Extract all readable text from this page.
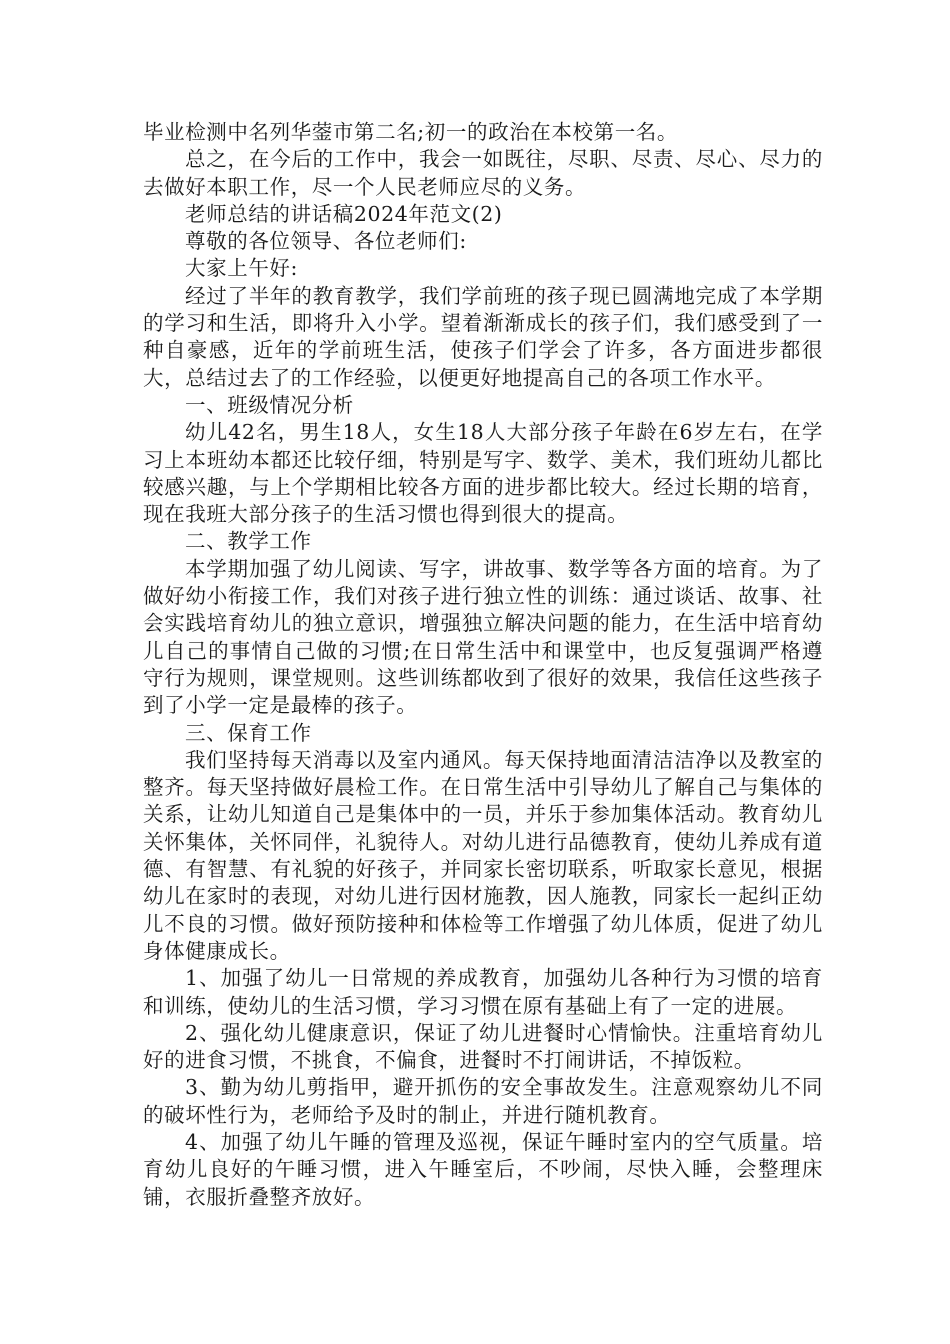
毕业检测中名列华蓥市第二名;初一的政治在本校第一名。

总之，在今后的工作中，我会一如既往，尽职、尽责、尽心、尽力的去做好本职工作，尽一个人民老师应尽的义务。

老师总结的讲话稿2024年范文(2)

尊敬的各位领导、各位老师们:

大家上午好:

经过了半年的教育教学，我们学前班的孩子现已圆满地完成了本学期的学习和生活，即将升入小学。望着渐渐成长的孩子们，我们感受到了一种自豪感，近年的学前班生活，使孩子们学会了许多，各方面进步都很大，总结过去了的工作经验，以便更好地提高自己的各项工作水平。

一、班级情况分析

幼儿42名，男生18人，女生18人大部分孩子年龄在6岁左右，在学习上本班幼本都还比较仔细，特别是写字、数学、美术，我们班幼儿都比较感兴趣，与上个学期相比较各方面的进步都比较大。经过长期的培育，现在我班大部分孩子的生活习惯也得到很大的提高。

二、教学工作

本学期加强了幼儿阅读、写字，讲故事、数学等各方面的培育。为了做好幼小衔接工作，我们对孩子进行独立性的训练：通过谈话、故事、社会实践培育幼儿的独立意识，增强独立解决问题的能力，在生活中培育幼儿自己的事情自己做的习惯;在日常生活中和课堂中，也反复强调严格遵守行为规则，课堂规则。这些训练都收到了很好的效果，我信任这些孩子到了小学一定是最棒的孩子。

三、保育工作

我们坚持每天消毒以及室内通风。每天保持地面清洁洁净以及教室的整齐。每天坚持做好晨检工作。在日常生活中引导幼儿了解自己与集体的关系，让幼儿知道自己是集体中的一员，并乐于参加集体活动。教育幼儿关怀集体，关怀同伴，礼貌待人。对幼儿进行品德教育，使幼儿养成有道德、有智慧、有礼貌的好孩子，并同家长密切联系，听取家长意见，根据幼儿在家时的表现，对幼儿进行因材施教，因人施教，同家长一起纠正幼儿不良的习惯。做好预防接种和体检等工作增强了幼儿体质，促进了幼儿身体健康成长。

1、加强了幼儿一日常规的养成教育，加强幼儿各种行为习惯的培育和训练，使幼儿的生活习惯，学习习惯在原有基础上有了一定的进展。

2、强化幼儿健康意识，保证了幼儿进餐时心情愉快。注重培育幼儿好的进食习惯，不挑食，不偏食，进餐时不打闹讲话，不掉饭粒。

3、勤为幼儿剪指甲，避开抓伤的安全事故发生。注意观察幼儿不同的破坏性行为，老师给予及时的制止，并进行随机教育。

4、加强了幼儿午睡的管理及巡视，保证午睡时室内的空气质量。培育幼儿良好的午睡习惯，进入午睡室后，不吵闹，尽快入睡，会整理床铺，衣服折叠整齐放好。
